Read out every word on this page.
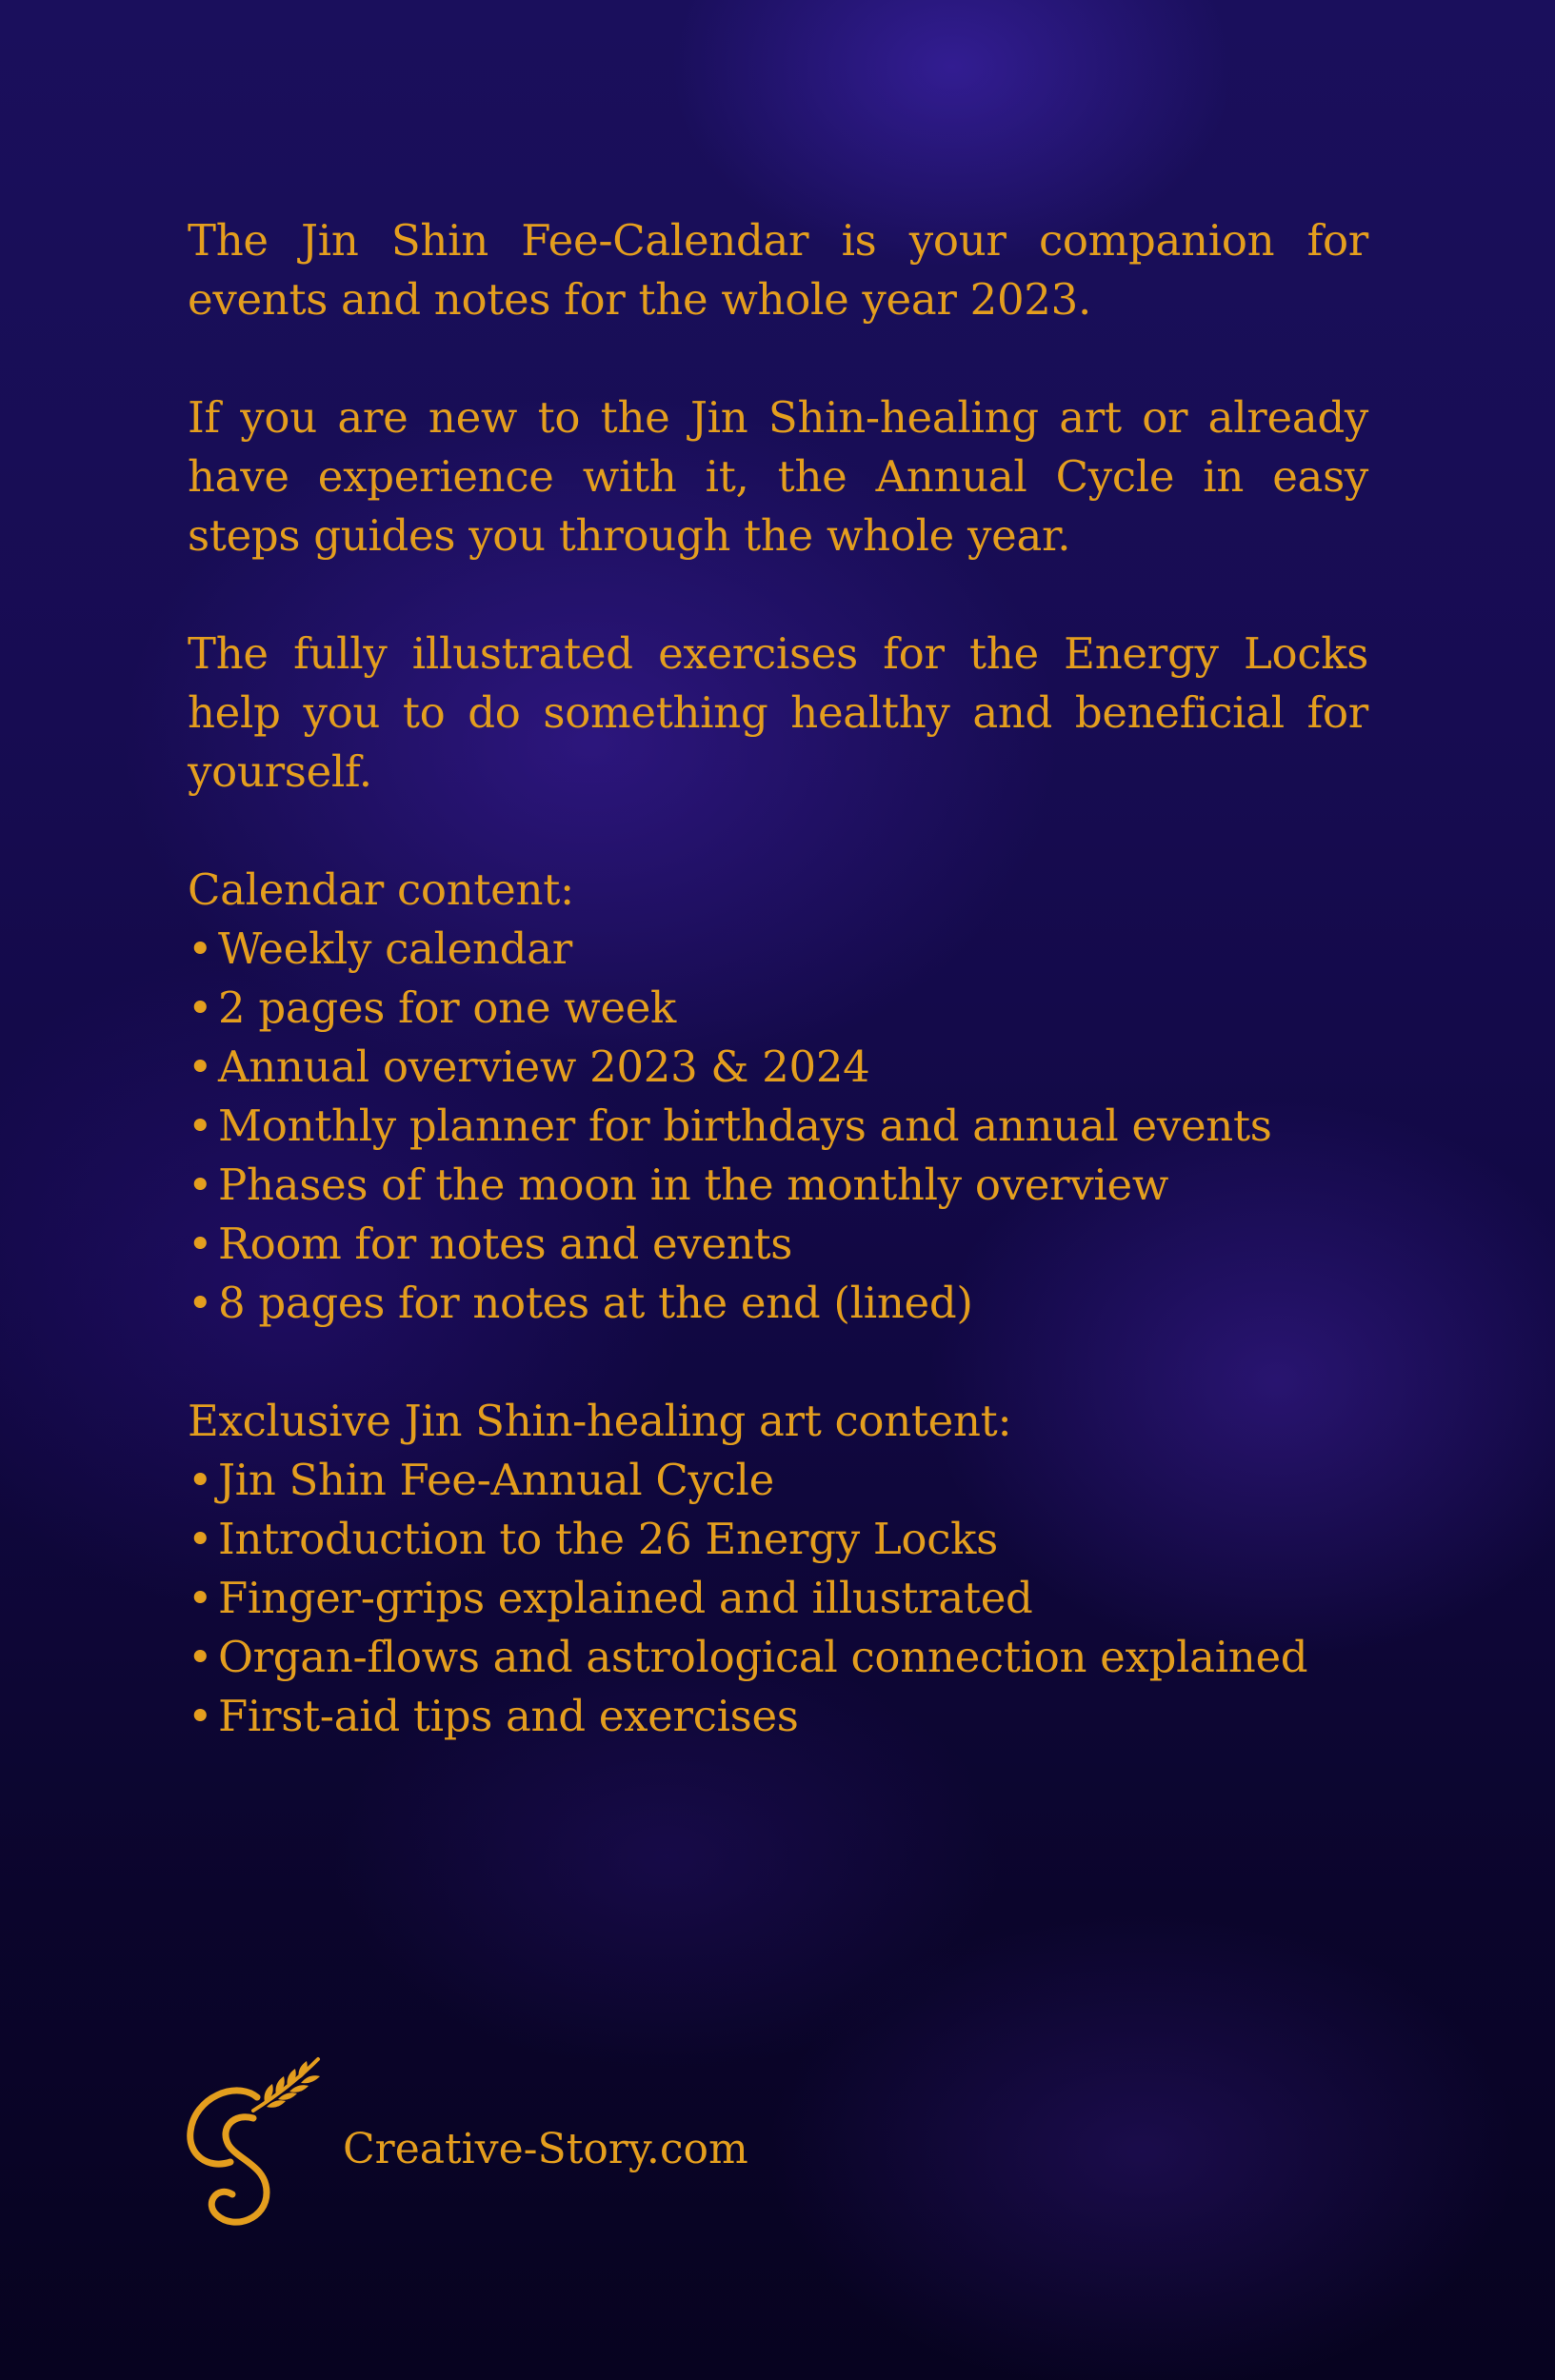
The Jin Shin Fee-Calendar is your companion for events and notes for the whole year 2023.

If you are new to the Jin Shin-healing art or already have experience with it, the Annual Cycle in easy steps guides you through the whole year.

The fully illustrated exercises for the Energy Locks help you to do something healthy and beneficial for yourself.

Calendar content:

• Weekly calendar
• 2 pages for one week
• Annual overview 2023 & 2024
• Monthly planner for birthdays and annual events
• Phases of the moon in the monthly overview
• Room for notes and events
• 8 pages for notes at the end (lined)

Exclusive Jin Shin-healing art content:

• Jin Shin Fee-Annual Cycle
• Introduction to the 26 Energy Locks
• Finger-grips explained and illustrated
• Organ-flows and astrological connection explained
• First-aid tips and exercises
Creative-Story.com
